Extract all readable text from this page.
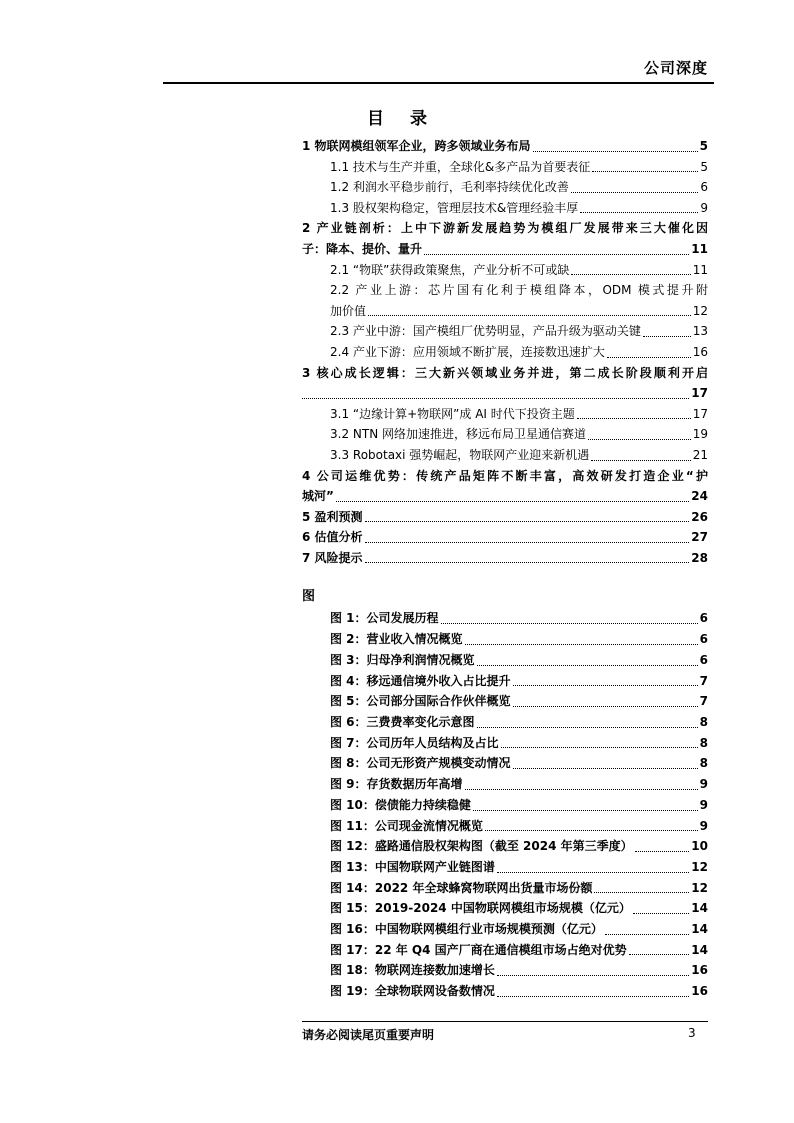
公司深度
目 录
1 物联网模组领军企业，跨多领域业务布局	5
1.1 技术与生产并重，全球化&多产品为首要表征	5
1.2 利润水平稳步前行，毛利率持续优化改善	6
1.3 股权架构稳定，管理层技术&管理经验丰厚	9
2 产业链剖析：上中下游新发展趋势为模组厂发展带来三大催化因
子：降本、提价、量升	11
2.1 “物联”获得政策聚焦，产业分析不可或缺	11
2.2 产业上游：芯片国有化利于模组降本，ODM 模式提升附
加价值	12
2.3 产业中游：国产模组厂优势明显，产品升级为驱动关键	13
2.4 产业下游：应用领域不断扩展，连接数迅速扩大	16
3 核心成长逻辑：三大新兴领域业务并进，第二成长阶段顺利开启
17
3.1 “边缘计算+物联网”成 AI 时代下投资主题	17
3.2 NTN 网络加速推进，移远布局卫星通信赛道	19
3.3 Robotaxi 强势崛起，物联网产业迎来新机遇	21
4 公司运维优势：传统产品矩阵不断丰富，高效研发打造企业“护
城河”	24
5 盈利预测	26
6 估值分析	27
7 风险提示	28
图
图 1：公司发展历程	6
图 2：营业收入情况概览	6
图 3：归母净利润情况概览	6
图 4：移远通信境外收入占比提升	7
图 5：公司部分国际合作伙伴概览	7
图 6：三费费率变化示意图	8
图 7：公司历年人员结构及占比	8
图 8：公司无形资产规模变动情况	8
图 9：存货数据历年高增	9
图 10：偿债能力持续稳健	9
图 11：公司现金流情况概览	9
图 12：盛路通信股权架构图（截至 2024 年第三季度）	10
图 13：中国物联网产业链图谱	12
图 14：2022 年全球蜂窝物联网出货量市场份额	12
图 15：2019-2024 中国物联网模组市场规模（亿元）	14
图 16：中国物联网模组行业市场规模预测（亿元）	14
图 17：22 年 Q4 国产厂商在通信模组市场占绝对优势	14
图 18：物联网连接数加速增长	16
图 19：全球物联网设备数情况	16
请务必阅读尾页重要声明	3
